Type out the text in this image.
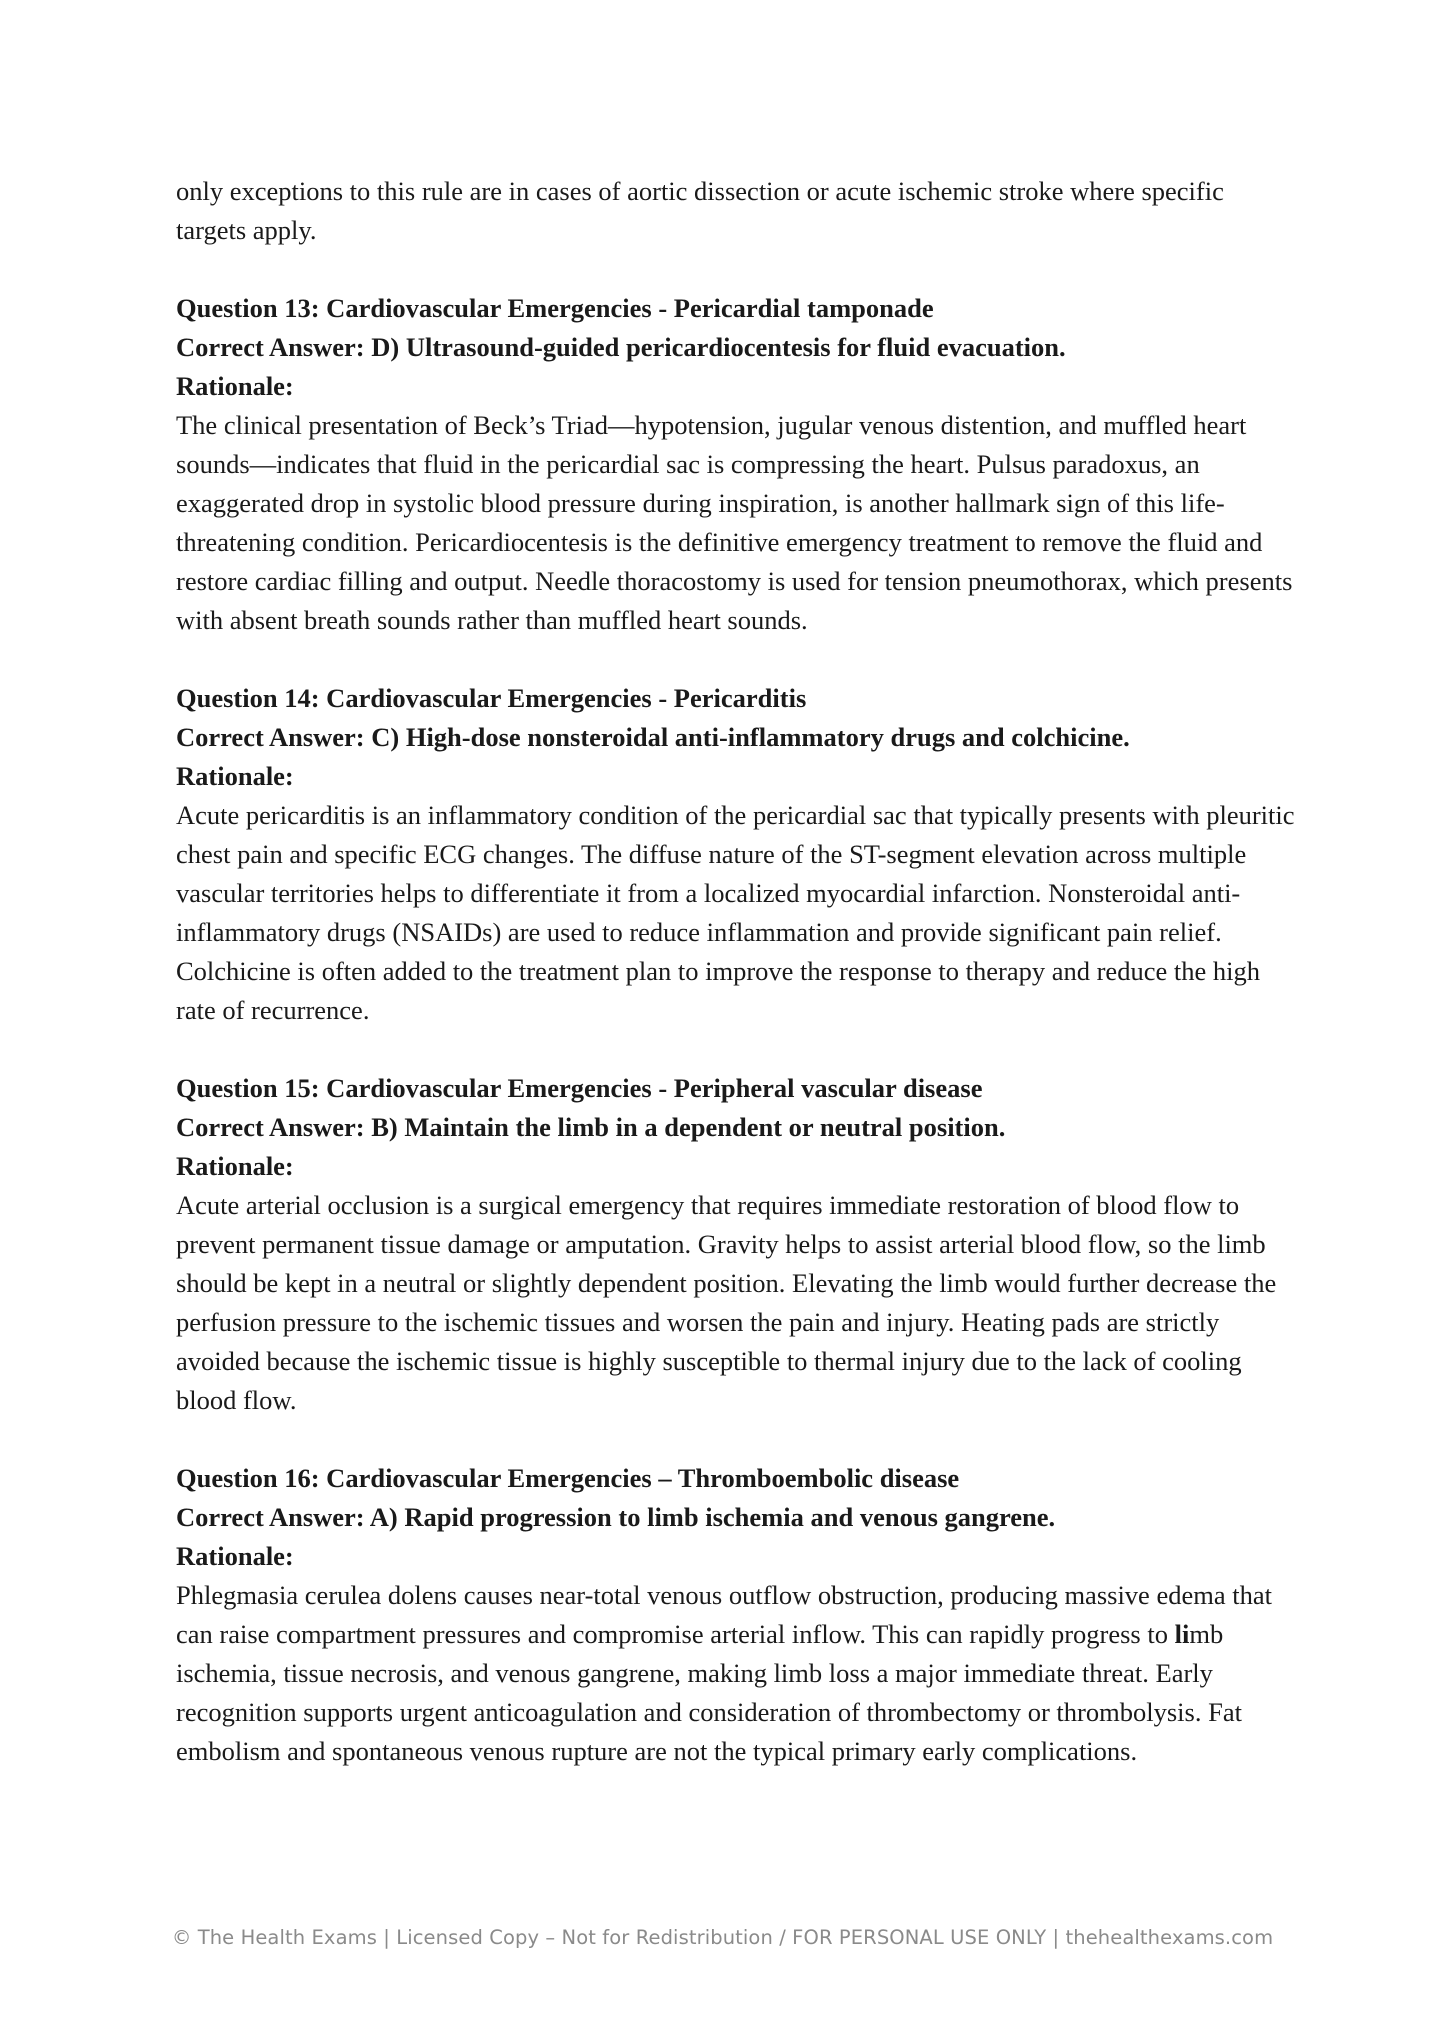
only exceptions to this rule are in cases of aortic dissection or acute ischemic stroke where specific targets apply.

Question 13: Cardiovascular Emergencies - Pericardial tamponade

Correct Answer: D) Ultrasound-guided pericardiocentesis for fluid evacuation.

Rationale:

The clinical presentation of Beck’s Triad—hypotension, jugular venous distention, and muffled heart sounds—indicates that fluid in the pericardial sac is compressing the heart. Pulsus paradoxus, an exaggerated drop in systolic blood pressure during inspiration, is another hallmark sign of this life-threatening condition. Pericardiocentesis is the definitive emergency treatment to remove the fluid and restore cardiac filling and output. Needle thoracostomy is used for tension pneumothorax, which presents with absent breath sounds rather than muffled heart sounds.

Question 14: Cardiovascular Emergencies - Pericarditis

Correct Answer: C) High-dose nonsteroidal anti-inflammatory drugs and colchicine.

Rationale:

Acute pericarditis is an inflammatory condition of the pericardial sac that typically presents with pleuritic chest pain and specific ECG changes. The diffuse nature of the ST-segment elevation across multiple vascular territories helps to differentiate it from a localized myocardial infarction. Nonsteroidal anti-inflammatory drugs (NSAIDs) are used to reduce inflammation and provide significant pain relief. Colchicine is often added to the treatment plan to improve the response to therapy and reduce the high rate of recurrence.

Question 15: Cardiovascular Emergencies - Peripheral vascular disease

Correct Answer: B) Maintain the limb in a dependent or neutral position.

Rationale:

Acute arterial occlusion is a surgical emergency that requires immediate restoration of blood flow to prevent permanent tissue damage or amputation. Gravity helps to assist arterial blood flow, so the limb should be kept in a neutral or slightly dependent position. Elevating the limb would further decrease the perfusion pressure to the ischemic tissues and worsen the pain and injury. Heating pads are strictly avoided because the ischemic tissue is highly susceptible to thermal injury due to the lack of cooling blood flow.

Question 16: Cardiovascular Emergencies – Thromboembolic disease

Correct Answer: A) Rapid progression to limb ischemia and venous gangrene.

Rationale:

Phlegmasia cerulea dolens causes near-total venous outflow obstruction, producing massive edema that can raise compartment pressures and compromise arterial inflow. This can rapidly progress to limb ischemia, tissue necrosis, and venous gangrene, making limb loss a major immediate threat. Early recognition supports urgent anticoagulation and consideration of thrombectomy or thrombolysis. Fat embolism and spontaneous venous rupture are not the typical primary early complications.

© The Health Exams | Licensed Copy – Not for Redistribution / FOR PERSONAL USE ONLY | thehealthexams.com
